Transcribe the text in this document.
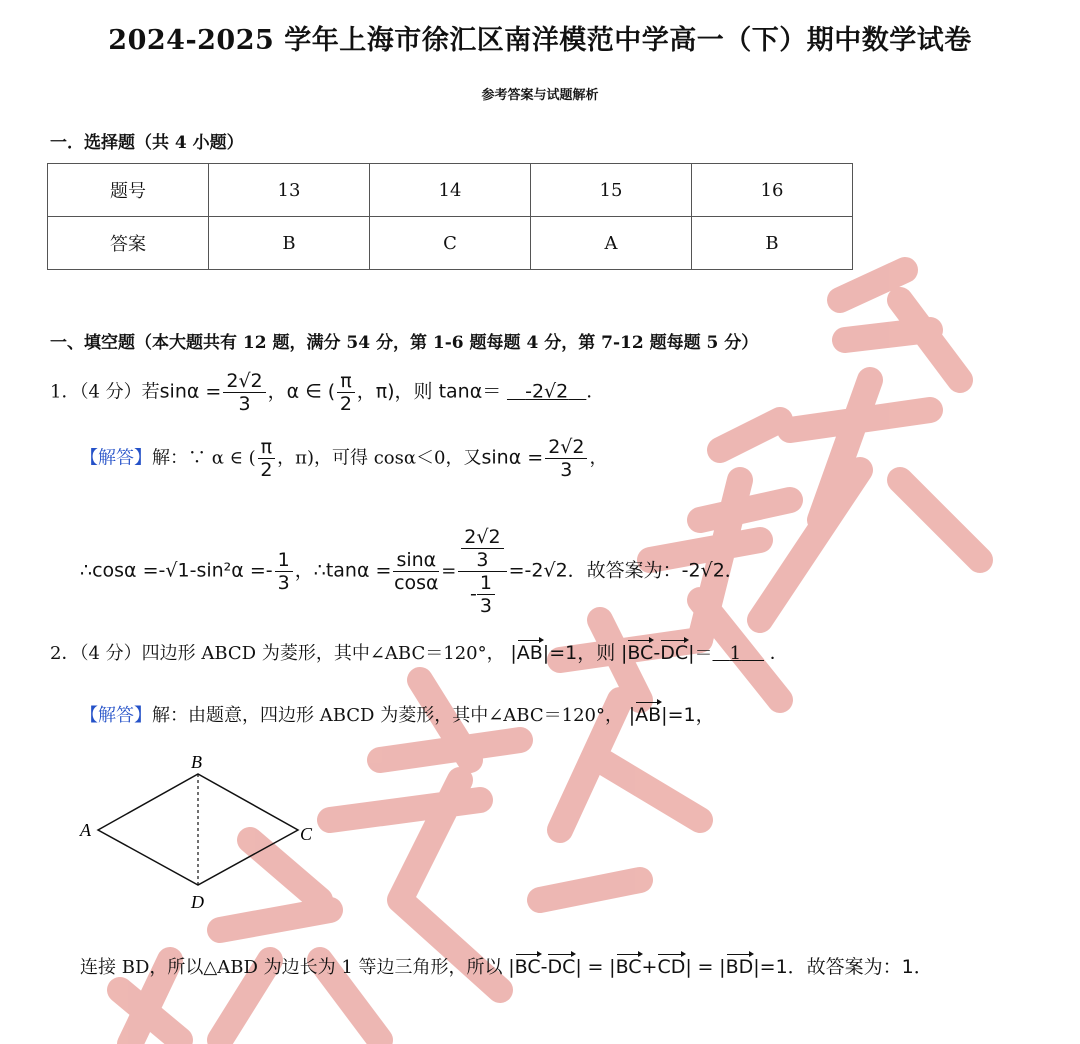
2024-2025 学年上海市徐汇区南洋模范中学高一（下）期中数学试卷
参考答案与试题解析
一．选择题（共 4 小题）
题号	13	14	15	16
答案	B	C	A	B
一、填空题（本大题共有 12 题，满分 54 分，第 1-6 题每题 4 分，第 7-12 题每题 5 分）
1．（4 分）若$\sin\alpha = \frac{2√2}{3}$ ，α ∈ ( $\frac{\pi}{2}$ ，π)，则 tanα＝ -2√2 ．
【解答】解：∵ α ∈ ( $\frac{\pi}{2}$ ，π)，可得 cosα＜0，又$\sin\alpha = \frac{2√2}{3}$ ，
∴cosα $=-√1-\sin^2\alpha =- \frac{1}{3}$ ，∴tanα = $\frac{\sin\alpha}{\cos\alpha} = \frac{\frac{2√2}{3}}{- \frac{1}{3}} =-2√2$．故答案为：-2√2．
2．（4 分）四边形 ABCD 为菱形，其中∠ABC＝120°， |AB|=1，则 |BC-DC|＝ 1 ．
【解答】解：由题意，四边形 ABCD 为菱形，其中∠ABC＝120°， |AB|=1，
B
A	C
D
连接 BD，所以△ABD 为边长为 1 等边三角形，所以 |BC-DC| = |BC+CD| = |BD|=1．故答案为：1．
